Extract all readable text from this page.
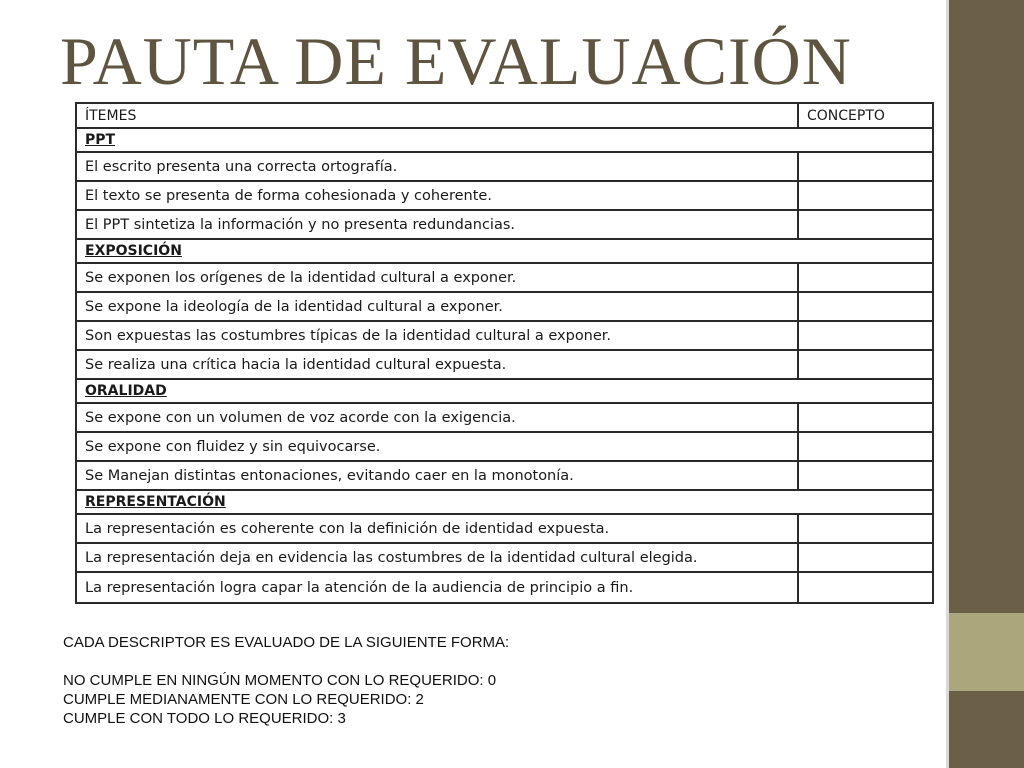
PAUTA DE EVALUACIÓN
ÍTEMES	CONCEPTO
PPT	
El escrito presenta una correcta ortografía.	
El texto se presenta de forma cohesionada y coherente.	
El PPT sintetiza la información y no presenta redundancias.	
EXPOSICIÓN	
Se exponen los orígenes de la identidad cultural a exponer.	
Se expone la ideología de la identidad cultural a exponer.	
Son expuestas las costumbres típicas de la identidad cultural a exponer.	
Se realiza una crítica hacia la identidad cultural expuesta.	
ORALIDAD	
Se expone con un volumen de voz acorde con la exigencia.	
Se expone con fluidez y sin equivocarse.	
Se Manejan distintas entonaciones, evitando caer en la monotonía.	
REPRESENTACIÓN	
La representación es coherente con la definición de identidad expuesta.	
La representación deja en evidencia las costumbres de la identidad cultural elegida.	
La representación logra capar la atención de la audiencia de principio a fin.	
CADA DESCRIPTOR ES EVALUADO DE LA SIGUIENTE FORMA:
NO CUMPLE EN NINGÚN MOMENTO CON LO REQUERIDO: 0
CUMPLE MEDIANAMENTE CON LO REQUERIDO: 2
CUMPLE CON TODO LO REQUERIDO: 3
